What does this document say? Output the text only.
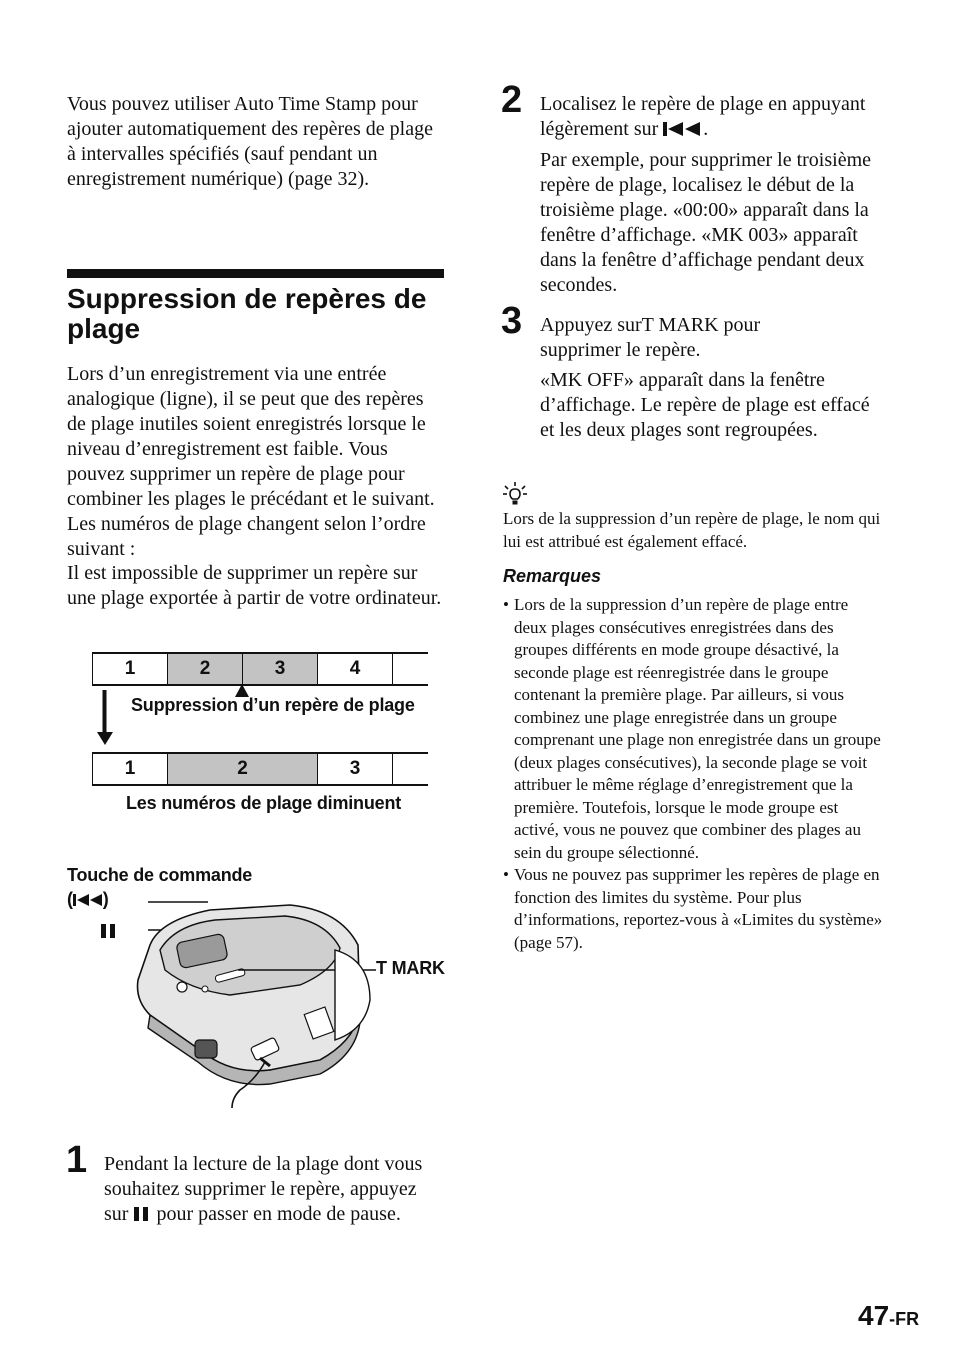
Vous pouvez utiliser Auto Time Stamp pour ajouter automatiquement des repères de plage à intervalles spécifiés (sauf pendant un enregistrement numérique) (page 32).

Suppression de repères de plage

Lors d’un enregistrement via une entrée analogique (ligne), il se peut que des repères de plage inutiles soient enregistrés lorsque le niveau d’enregistrement est faible. Vous pouvez supprimer un repère de plage pour combiner les plages le précédant et le suivant. Les numéros de plage changent selon l’ordre suivant :

Il est impossible de supprimer un repère sur une plage exportée à partir de votre ordinateur.

1	2	3	4
Suppression d’un repère de plage
1	2	3
Les numéros de plage diminuent
Touche de commande
( )
T MARK
1 Pendant la lecture de la plage dont vous souhaitez supprimer le repère, appuyez sur  pour passer en mode de pause.

2 Localisez le repère de plage en appuyant légèrement sur .

Par exemple, pour supprimer le troisième repère de plage, localisez le début de la troisième plage. «00:00» apparaît dans la fenêtre d’affichage. «MK 003» apparaît dans la fenêtre d’affichage pendant deux secondes.

3 Appuyez surT MARK pour supprimer le repère.

«MK OFF» apparaît dans la fenêtre d’affichage. Le repère de plage est effacé et les deux plages sont regroupées.

Lors de la suppression d’un repère de plage, le nom qui lui est attribué est également effacé.

Remarques
• Lors de la suppression d’un repère de plage entre deux plages consécutives enregistrées dans des groupes différents en mode groupe désactivé, la seconde plage est réenregistrée dans le groupe contenant la première plage. Par ailleurs, si vous combinez une plage enregistrée dans un groupe comprenant une plage non enregistrée dans un groupe (deux plages consécutives), la seconde plage se voit attribuer le même réglage d’enregistrement que la première. Toutefois, lorsque le mode groupe est activé, vous ne pouvez que combiner des plages au sein du groupe sélectionné.
• Vous ne pouvez pas supprimer les repères de plage en fonction des limites du système. Pour plus d’informations, reportez-vous à «Limites du système» (page 57).
47-FR
